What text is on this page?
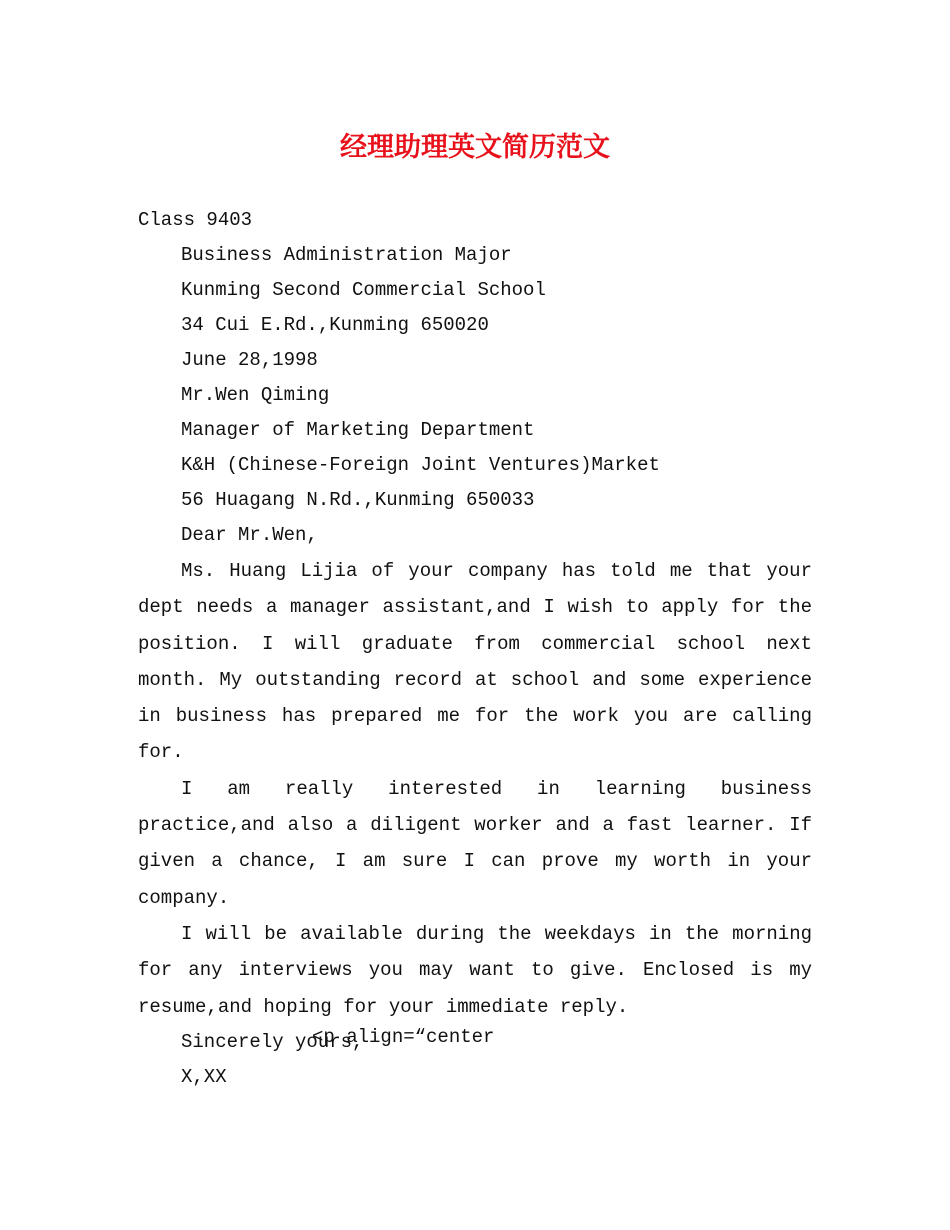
经理助理英文简历范文
Class 9403
Business Administration Major
Kunming Second Commercial School
34 Cui E.Rd.,Kunming 650020
June 28,1998
Mr.Wen Qiming
Manager of Marketing Department
K&H (Chinese-Foreign Joint Ventures)Market
56 Huagang N.Rd.,Kunming 650033
Dear Mr.Wen,

Ms. Huang Lijia of your company has told me that your dept needs a manager assistant,and I wish to apply for the position. I will graduate from commercial school next month. My outstanding record at school and some experience in business has prepared me for the work you are calling for.

I am really interested in learning business practice,and also a diligent worker and a fast learner. If given a chance, I am sure I can prove my worth in your company.

I will be available during the weekdays in the morning for any interviews you may want to give. Enclosed is my resume,and hoping for your immediate reply.

Sincerely yours,
X,XX
<p align=“center
